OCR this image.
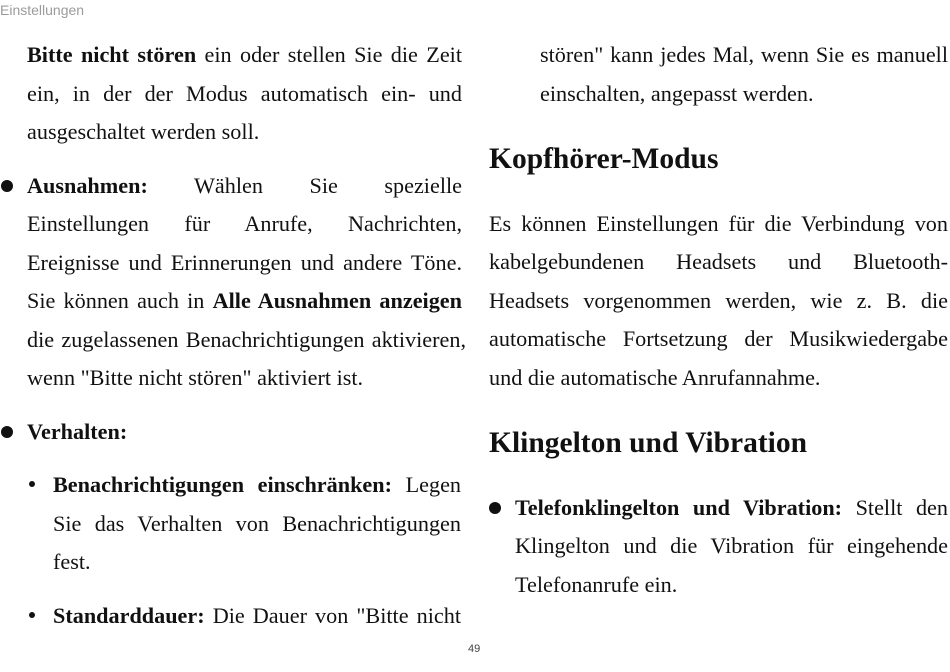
Einstellungen
Bitte nicht stören ein oder stellen Sie die Zeit
ein, in der der Modus automatisch ein- und
ausgeschaltet werden soll.
Ausnahmen: Wählen Sie spezielle
Einstellungen für Anrufe, Nachrichten,
Ereignisse und Erinnerungen und andere Töne.
Sie können auch in Alle Ausnahmen anzeigen
die zugelassenen Benachrichtigungen aktivieren,
wenn "Bitte nicht stören" aktiviert ist.
Verhalten:
Benachrichtigungen einschränken: Legen
Sie das Verhalten von Benachrichtigungen
fest.
Standarddauer: Die Dauer von "Bitte nicht
stören" kann jedes Mal, wenn Sie es manuell
einschalten, angepasst werden.
Kopfhörer-Modus
Es können Einstellungen für die Verbindung von
kabelgebundenen Headsets und Bluetooth-
Headsets vorgenommen werden, wie z. B. die
automatische Fortsetzung der Musikwiedergabe
und die automatische Anrufannahme.
Klingelton und Vibration
Telefonklingelton und Vibration: Stellt den
Klingelton und die Vibration für eingehende
Telefonanrufe ein.
49
